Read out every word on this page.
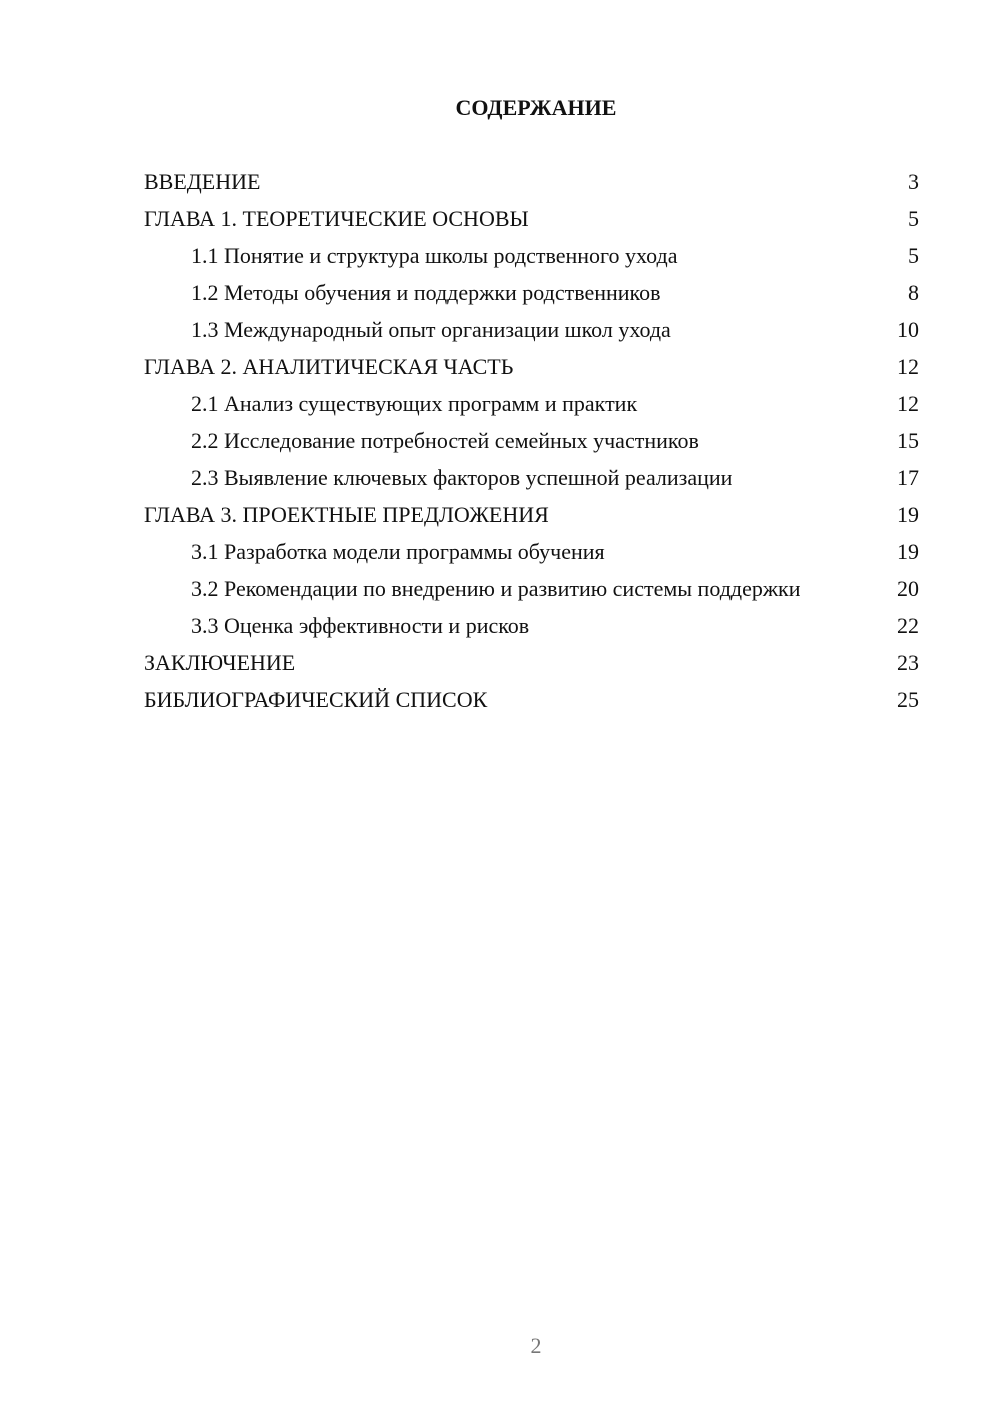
СОДЕРЖАНИЕ
ВВЕДЕНИЕ	3
ГЛАВА 1. ТЕОРЕТИЧЕСКИЕ ОСНОВЫ	5
1.1 Понятие и структура школы родственного ухода	5
1.2 Методы обучения и поддержки родственников	8
1.3 Международный опыт организации школ ухода	10
ГЛАВА 2. АНАЛИТИЧЕСКАЯ ЧАСТЬ	12
2.1 Анализ существующих программ и практик	12
2.2 Исследование потребностей семейных участников	15
2.3 Выявление ключевых факторов успешной реализации	17
ГЛАВА 3. ПРОЕКТНЫЕ ПРЕДЛОЖЕНИЯ	19
3.1 Разработка модели программы обучения	19
3.2 Рекомендации по внедрению и развитию системы поддержки	20
3.3 Оценка эффективности и рисков	22
ЗАКЛЮЧЕНИЕ	23
БИБЛИОГРАФИЧЕСКИЙ СПИСОК	25
2
